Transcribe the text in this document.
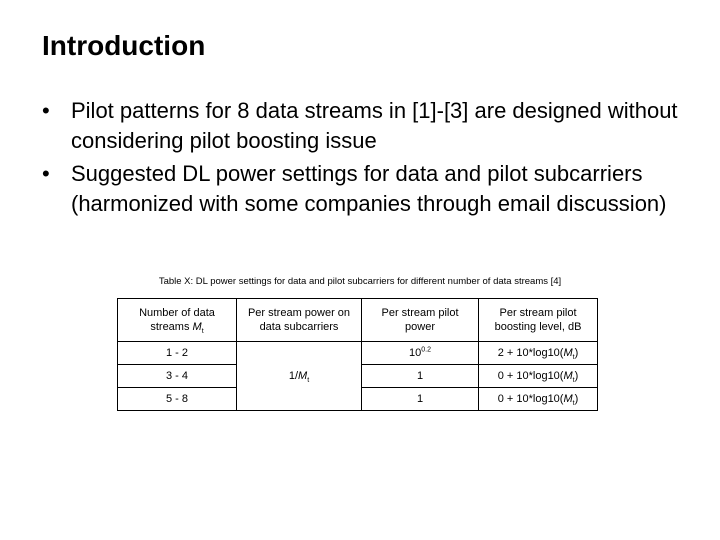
Introduction
• Pilot patterns for 8 data streams in [1]-[3] are designed without considering pilot boosting issue
• Suggested DL power settings for data and pilot subcarriers (harmonized with some companies through email discussion)
Table X: DL power settings for data and pilot subcarriers for different number of data streams [4]
Number of data streams $M_t$	Per stream power on data subcarriers	Per stream pilot power	Per stream pilot boosting level, dB
1 - 2	$1/M_t$	$10^{0.2}$	$2 + 10*\log 10(M_t)$
3 - 4		1	$0 + 10*\log 10(M_t)$
5 - 8		1	$0 + 10*\log 10(M_t)$
